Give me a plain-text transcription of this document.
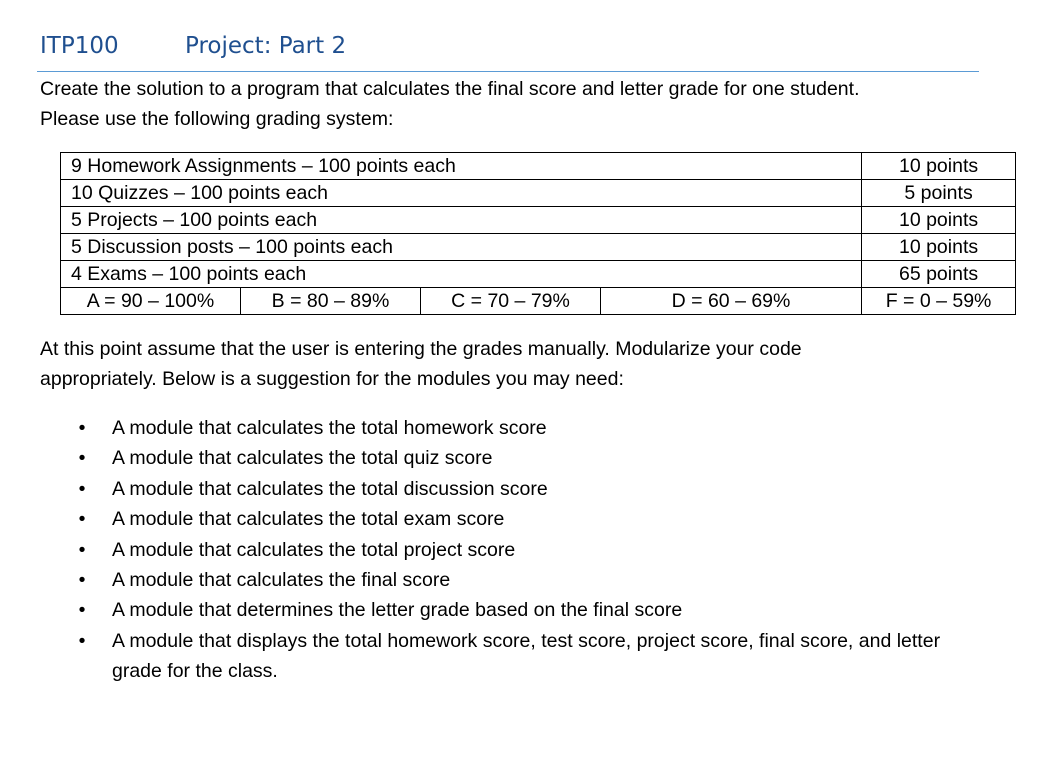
ITP100	Project: Part 2

Create the solution to a program that calculates the final score and letter grade for one student.

Please use the following grading system:

9 Homework Assignments – 100 points each				10 points
10 Quizzes – 100 points each				5 points
5 Projects – 100 points each				10 points
5 Discussion posts – 100 points each				10 points
4 Exams – 100 points each				65 points
A = 90 – 100%	B = 80 – 89%	C = 70 – 79%	D = 60 – 69%	F = 0 – 59%

At this point assume that the user is entering the grades manually. Modularize your code

appropriately. Below is a suggestion for the modules you may need:

• A module that calculates the total homework score
• A module that calculates the total quiz score
• A module that calculates the total discussion score
• A module that calculates the total exam score
• A module that calculates the total project score
• A module that calculates the final score
• A module that determines the letter grade based on the final score
• A module that displays the total homework score, test score, project score, final score, and letter grade for the class.
